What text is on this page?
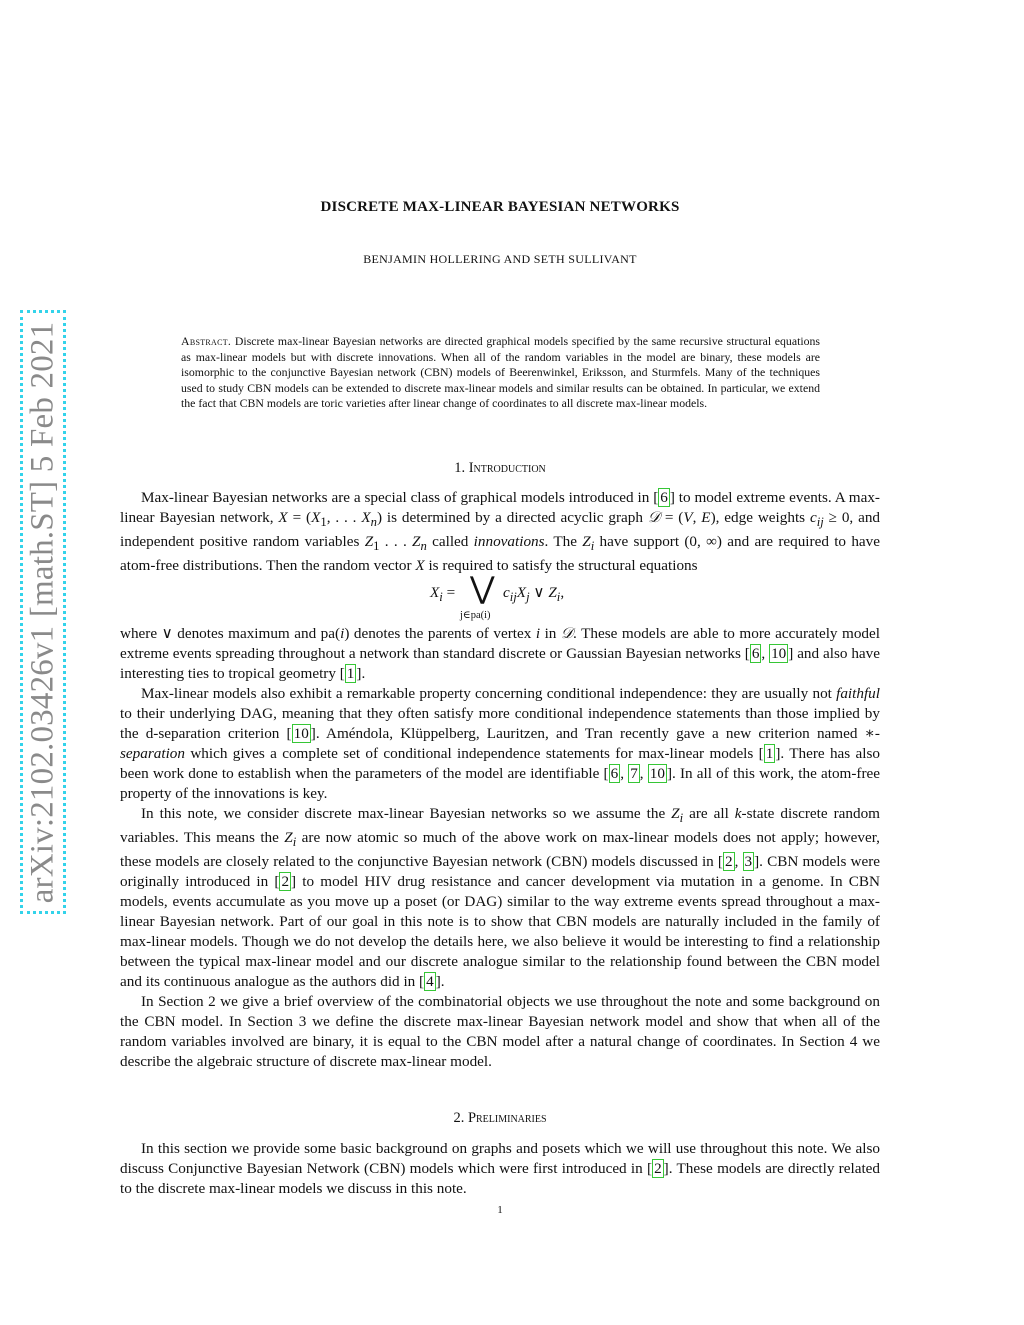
arXiv:2102.03426v1 [math.ST] 5 Feb 2021
DISCRETE MAX-LINEAR BAYESIAN NETWORKS
BENJAMIN HOLLERING AND SETH SULLIVANT
Abstract. Discrete max-linear Bayesian networks are directed graphical models specified by the same recursive structural equations as max-linear models but with discrete innovations. When all of the random variables in the model are binary, these models are isomorphic to the conjunctive Bayesian network (CBN) models of Beerenwinkel, Eriksson, and Sturmfels. Many of the techniques used to study CBN models can be extended to discrete max-linear models and similar results can be obtained. In particular, we extend the fact that CBN models are toric varieties after linear change of coordinates to all discrete max-linear models.
1. Introduction

Max-linear Bayesian networks are a special class of graphical models introduced in [ 6 ] to model extreme events. A max-linear Bayesian network, $X = (X_1$, . . . $X_n$) is determined by a directed acyclic graph 𝒟 = (V, E), edge weights $c_{ij} \ge 0$, and independent positive random variables $Z_1$ . . . $Z_n$ called innovations. The $Z_i$ have support (0, ∞) and are required to have atom-free distributions. Then the random vector X is required to satisfy the structural equations

$X_i$ = ⋁
j∈pa(i)
$c_{ij}X_j$ ∨ $Z_i$,

where ∨ denotes maximum and pa(i) denotes the parents of vertex i in 𝒟. These models are able to more accurately model extreme events spreading throughout a network than standard discrete or Gaussian Bayesian networks [ 6 , 10 ] and also have interesting ties to tropical geometry [ 1 ].

Max-linear models also exhibit a remarkable property concerning conditional independence: they are usually not faithful to their underlying DAG, meaning that they often satisfy more conditional independence statements than those implied by the d-separation criterion [ 10 ]. Améndola, Klüppelberg, Lauritzen, and Tran recently gave a new criterion named ∗-separation which gives a complete set of conditional independence statements for max-linear models [ 1 ]. There has also been work done to establish when the parameters of the model are identifiable [ 6 , 7 , 10 ]. In all of this work, the atom-free property of the innovations is key.

In this note, we consider discrete max-linear Bayesian networks so we assume the $Z_i$ are all k-state discrete random variables. This means the $Z_i$ are now atomic so much of the above work on max-linear models does not apply; however, these models are closely related to the conjunctive Bayesian network (CBN) models discussed in [ 2 , 3 ]. CBN models were originally introduced in [ 2 ] to model HIV drug resistance and cancer development via mutation in a genome. In CBN models, events accumulate as you move up a poset (or DAG) similar to the way extreme events spread throughout a max-linear Bayesian network. Part of our goal in this note is to show that CBN models are naturally included in the family of max-linear models. Though we do not develop the details here, we also believe it would be interesting to find a relationship between the typical max-linear model and our discrete analogue similar to the relationship found between the CBN model and its continuous analogue as the authors did in [ 4 ].

In Section 2 we give a brief overview of the combinatorial objects we use throughout the note and some background on the CBN model. In Section 3 we define the discrete max-linear Bayesian network model and show that when all of the random variables involved are binary, it is equal to the CBN model after a natural change of coordinates. In Section 4 we describe the algebraic structure of discrete max-linear model.

2. Preliminaries

In this section we provide some basic background on graphs and posets which we will use throughout this note. We also discuss Conjunctive Bayesian Network (CBN) models which were first introduced in [ 2 ]. These models are directly related to the discrete max-linear models we discuss in this note.

1
